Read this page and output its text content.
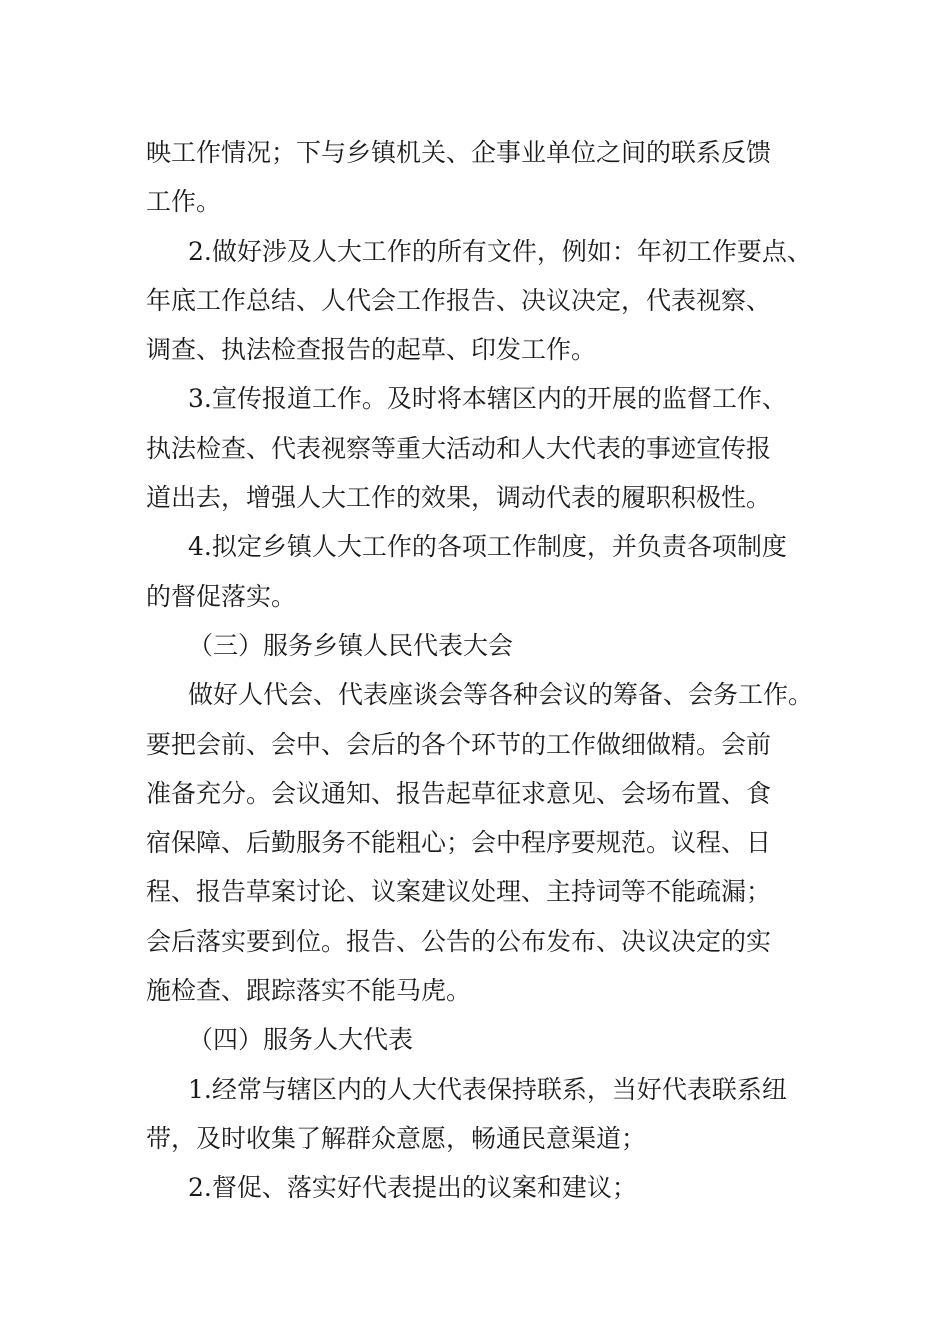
映工作情况；下与乡镇机关、企事业单位之间的联系反馈
工作。
2.做好涉及人大工作的所有文件，例如：年初工作要点、
年底工作总结、人代会工作报告、决议决定，代表视察、
调查、执法检查报告的起草、印发工作。
3.宣传报道工作。及时将本辖区内的开展的监督工作、
执法检查、代表视察等重大活动和人大代表的事迹宣传报
道出去，增强人大工作的效果，调动代表的履职积极性。
4.拟定乡镇人大工作的各项工作制度，并负责各项制度
的督促落实。
（三）服务乡镇人民代表大会
做好人代会、代表座谈会等各种会议的筹备、会务工作。
要把会前、会中、会后的各个环节的工作做细做精。会前
准备充分。会议通知、报告起草征求意见、会场布置、食
宿保障、后勤服务不能粗心；会中程序要规范。议程、日
程、报告草案讨论、议案建议处理、主持词等不能疏漏；
会后落实要到位。报告、公告的公布发布、决议决定的实
施检查、跟踪落实不能马虎。
（四）服务人大代表
1.经常与辖区内的人大代表保持联系，当好代表联系纽
带，及时收集了解群众意愿，畅通民意渠道；
2.督促、落实好代表提出的议案和建议；
